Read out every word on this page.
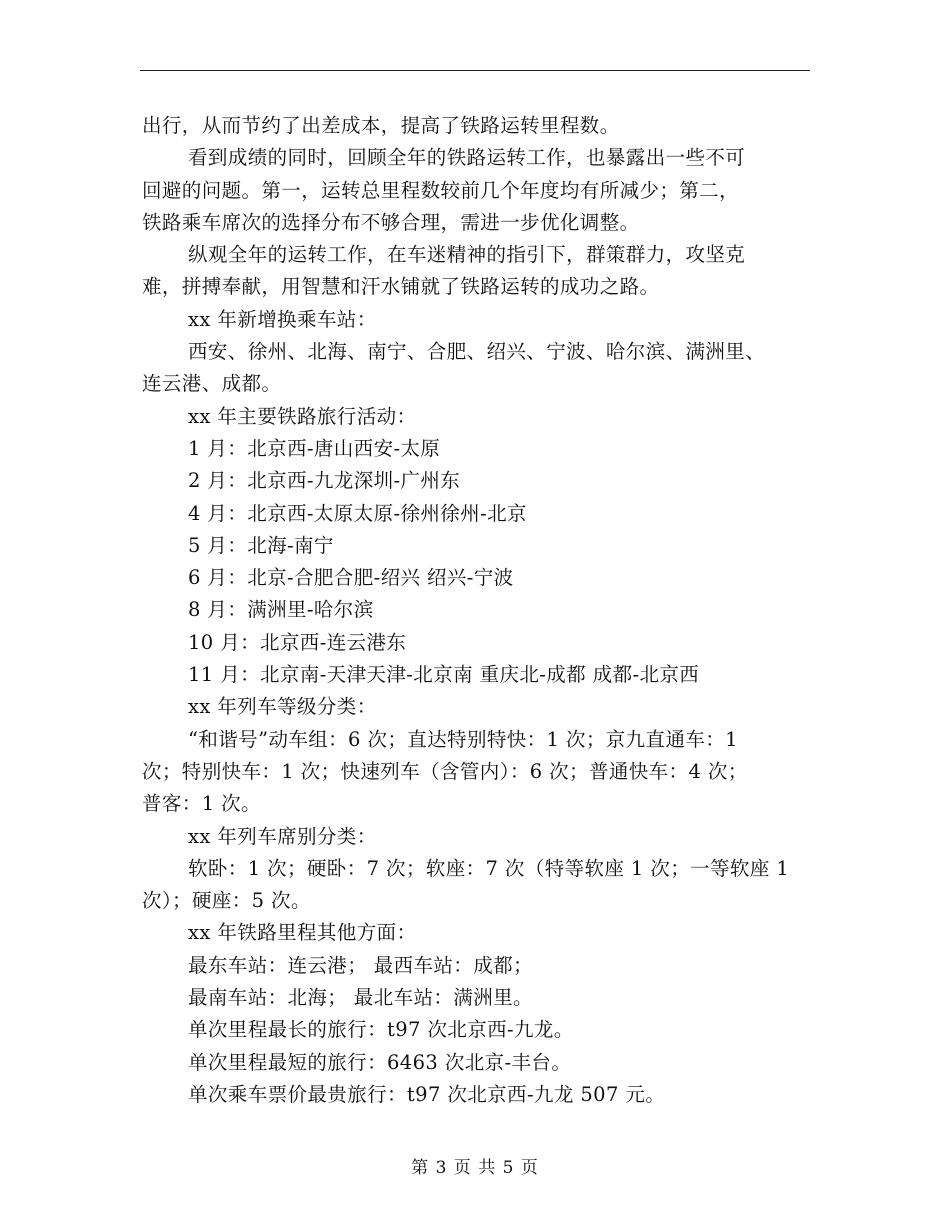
出行，从而节约了出差成本，提高了铁路运转里程数。

看到成绩的同时，回顾全年的铁路运转工作，也暴露出一些不可

回避的问题。第一，运转总里程数较前几个年度均有所减少；第二，

铁路乘车席次的选择分布不够合理，需进一步优化调整。

纵观全年的运转工作，在车迷精神的指引下，群策群力，攻坚克

难，拼搏奉献，用智慧和汗水铺就了铁路运转的成功之路。

xx 年新增换乘车站：

西安、徐州、北海、南宁、合肥、绍兴、宁波、哈尔滨、满洲里、

连云港、成都。

xx 年主要铁路旅行活动：

1 月：北京西-唐山西安-太原

2 月：北京西-九龙深圳-广州东

4 月：北京西-太原太原-徐州徐州-北京

5 月：北海-南宁

6 月：北京-合肥合肥-绍兴 绍兴-宁波

8 月：满洲里-哈尔滨

10 月：北京西-连云港东

11 月：北京南-天津天津-北京南 重庆北-成都 成都-北京西

xx 年列车等级分类：

“和谐号”动车组：6 次；直达特别特快：1 次；京九直通车：1

次；特别快车：1 次；快速列车（含管内）：6 次；普通快车：4 次；

普客：1 次。

xx 年列车席别分类：

软卧：1 次；硬卧：7 次；软座：7 次（特等软座 1 次；一等软座 1

次）；硬座：5 次。

xx 年铁路里程其他方面：

最东车站：连云港； 最西车站：成都；

最南车站：北海； 最北车站：满洲里。

单次里程最长的旅行：t97 次北京西-九龙。

单次里程最短的旅行：6463 次北京-丰台。

单次乘车票价最贵旅行：t97 次北京西-九龙 507 元。

第 3 页 共 5 页
